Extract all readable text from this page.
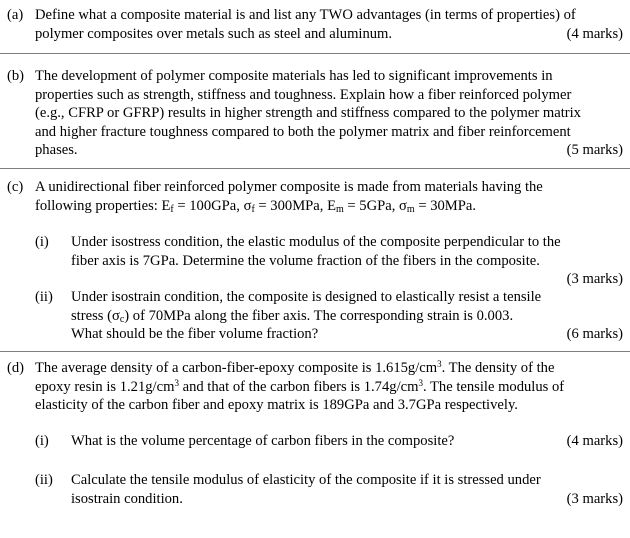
(a) Define what a composite material is and list any TWO advantages (in terms of properties) of
polymer composites over metals such as steel and aluminum.	(4 marks)
(b) The development of polymer composite materials has led to significant improvements in
properties such as strength, stiffness and toughness. Explain how a fiber reinforced polymer
(e.g., CFRP or GFRP) results in higher strength and stiffness compared to the polymer matrix
and higher fracture toughness compared to both the polymer matrix and fiber reinforcement
phases.	(5 marks)
(c) A unidirectional fiber reinforced polymer composite is made from materials having the
following properties: $E_f = 100GPa$, $\sigma_f = 300MPa$, $E_m = 5GPa$, $\sigma_m = 30MPa$.
(i)	Under isostress condition, the elastic modulus of the composite perpendicular to the
fiber axis is 7GPa. Determine the volume fraction of the fibers in the composite.
(3 marks)
(ii)	Under isostrain condition, the composite is designed to elastically resist a tensile
stress $(\sigma_c)$ of 70MPa along the fiber axis. The corresponding strain is 0.003.
What should be the fiber volume fraction?	(6 marks)
(d) The average density of a carbon-fiber-epoxy composite is $1.615g/cm^3$. The density of the
epoxy resin is $1.21g/cm^3$ and that of the carbon fibers is $1.74g/cm^3$. The tensile modulus of
elasticity of the carbon fiber and epoxy matrix is 189GPa and 3.7GPa respectively.
(i)	What is the volume percentage of carbon fibers in the composite?	(4 marks)
(ii)	Calculate the tensile modulus of elasticity of the composite if it is stressed under
isostrain condition.	(3 marks)
